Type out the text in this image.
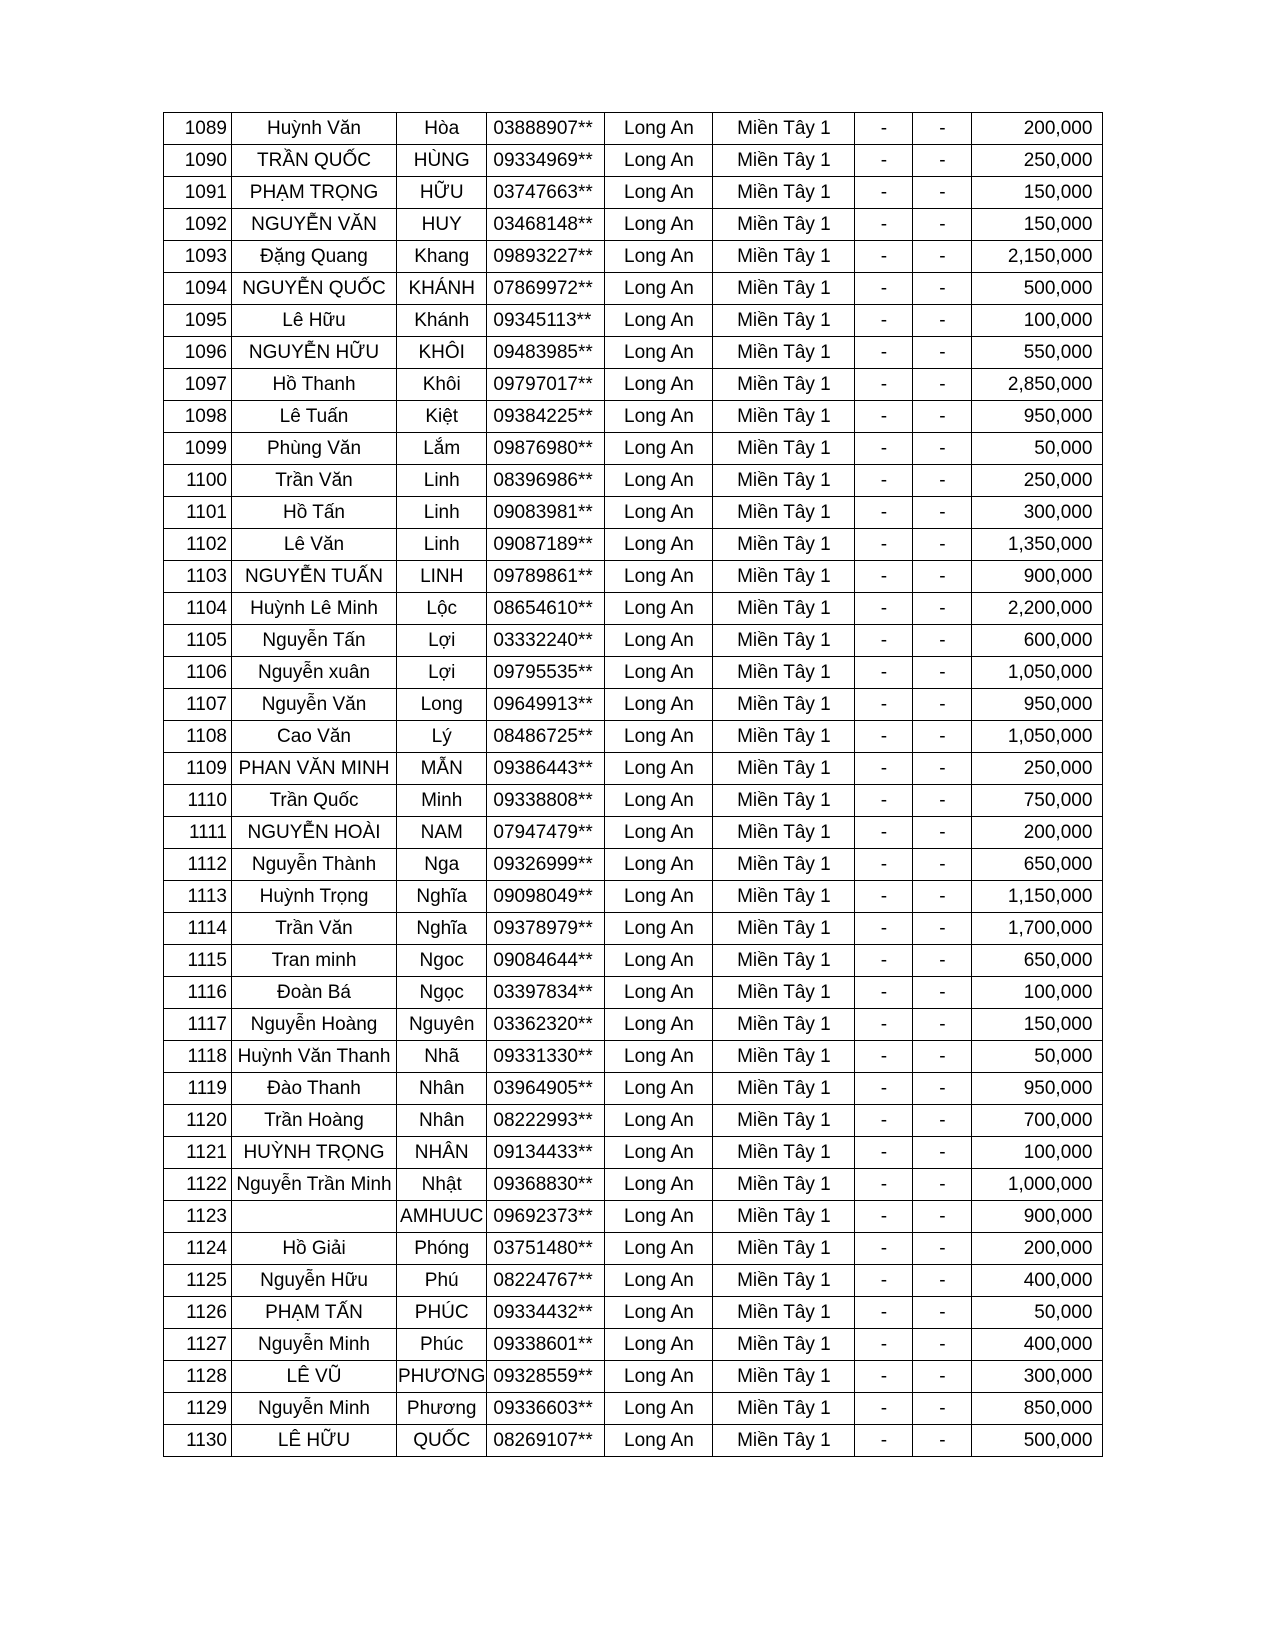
1089	Huỳnh Văn	Hòa	03888907**	Long An	Miền Tây 1	-	-	200,000
1090	TRẦN QUỐC	HÙNG	09334969**	Long An	Miền Tây 1	-	-	250,000
1091	PHẠM TRỌNG	HỮU	03747663**	Long An	Miền Tây 1	-	-	150,000
1092	NGUYỄN VĂN	HUY	03468148**	Long An	Miền Tây 1	-	-	150,000
1093	Đặng Quang	Khang	09893227**	Long An	Miền Tây 1	-	-	2,150,000
1094	NGUYỄN QUỐC	KHÁNH	07869972**	Long An	Miền Tây 1	-	-	500,000
1095	Lê Hữu	Khánh	09345113**	Long An	Miền Tây 1	-	-	100,000
1096	NGUYỄN HỮU	KHÔI	09483985**	Long An	Miền Tây 1	-	-	550,000
1097	Hồ Thanh	Khôi	09797017**	Long An	Miền Tây 1	-	-	2,850,000
1098	Lê Tuấn	Kiệt	09384225**	Long An	Miền Tây 1	-	-	950,000
1099	Phùng Văn	Lắm	09876980**	Long An	Miền Tây 1	-	-	50,000
1100	Trần Văn	Linh	08396986**	Long An	Miền Tây 1	-	-	250,000
1101	Hồ Tấn	Linh	09083981**	Long An	Miền Tây 1	-	-	300,000
1102	Lê Văn	Linh	09087189**	Long An	Miền Tây 1	-	-	1,350,000
1103	NGUYỄN TUẤN	LINH	09789861**	Long An	Miền Tây 1	-	-	900,000
1104	Huỳnh Lê Minh	Lộc	08654610**	Long An	Miền Tây 1	-	-	2,200,000
1105	Nguyễn Tấn	Lợi	03332240**	Long An	Miền Tây 1	-	-	600,000
1106	Nguyễn xuân	Lợi	09795535**	Long An	Miền Tây 1	-	-	1,050,000
1107	Nguyễn Văn	Long	09649913**	Long An	Miền Tây 1	-	-	950,000
1108	Cao Văn	Lý	08486725**	Long An	Miền Tây 1	-	-	1,050,000
1109	PHAN VĂN MINH	MẪN	09386443**	Long An	Miền Tây 1	-	-	250,000
1110	Trần Quốc	Minh	09338808**	Long An	Miền Tây 1	-	-	750,000
1111	NGUYỄN HOÀI	NAM	07947479**	Long An	Miền Tây 1	-	-	200,000
1112	Nguyễn Thành	Nga	09326999**	Long An	Miền Tây 1	-	-	650,000
1113	Huỳnh Trọng	Nghĩa	09098049**	Long An	Miền Tây 1	-	-	1,150,000
1114	Trần Văn	Nghĩa	09378979**	Long An	Miền Tây 1	-	-	1,700,000
1115	Tran minh	Ngoc	09084644**	Long An	Miền Tây 1	-	-	650,000
1116	Đoàn Bá	Ngọc	03397834**	Long An	Miền Tây 1	-	-	100,000
1117	Nguyễn Hoàng	Nguyên	03362320**	Long An	Miền Tây 1	-	-	150,000
1118	Huỳnh Văn Thanh	Nhã	09331330**	Long An	Miền Tây 1	-	-	50,000
1119	Đào Thanh	Nhân	03964905**	Long An	Miền Tây 1	-	-	950,000
1120	Trần Hoàng	Nhân	08222993**	Long An	Miền Tây 1	-	-	700,000
1121	HUỲNH TRỌNG	NHÂN	09134433**	Long An	Miền Tây 1	-	-	100,000
1122	Nguyễn Trần Minh	Nhật	09368830**	Long An	Miền Tây 1	-	-	1,000,000
1123		AMHUUC	09692373**	Long An	Miền Tây 1	-	-	900,000
1124	Hồ Giải	Phóng	03751480**	Long An	Miền Tây 1	-	-	200,000
1125	Nguyễn Hữu	Phú	08224767**	Long An	Miền Tây 1	-	-	400,000
1126	PHẠM TẤN	PHÚC	09334432**	Long An	Miền Tây 1	-	-	50,000
1127	Nguyễn Minh	Phúc	09338601**	Long An	Miền Tây 1	-	-	400,000
1128	LÊ VŨ	PHƯƠNG	09328559**	Long An	Miền Tây 1	-	-	300,000
1129	Nguyễn Minh	Phương	09336603**	Long An	Miền Tây 1	-	-	850,000
1130	LÊ HỮU	QUỐC	08269107**	Long An	Miền Tây 1	-	-	500,000
